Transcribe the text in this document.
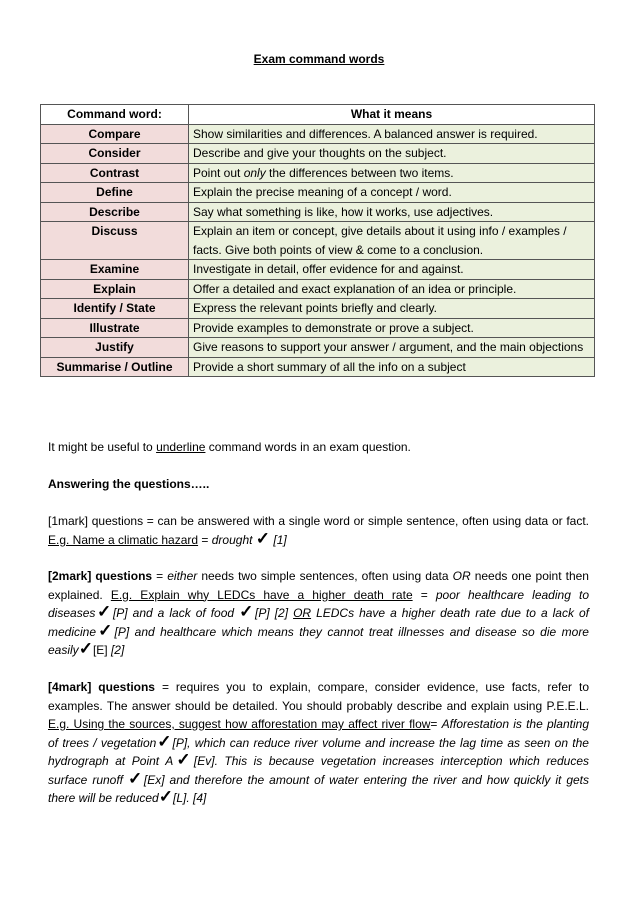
Exam command words
Command word:	What it means
Compare	Show similarities and differences. A balanced answer is required.
Consider	Describe and give your thoughts on the subject.
Contrast	Point out only the differences between two items.
Define	Explain the precise meaning of a concept / word.
Describe	Say what something is like, how it works, use adjectives.
Discuss	Explain an item or concept, give details about it using info / examples / facts. Give both points of view & come to a conclusion.
Examine	Investigate in detail, offer evidence for and against.
Explain	Offer a detailed and exact explanation of an idea or principle.
Identify / State	Express the relevant points briefly and clearly.
Illustrate	Provide examples to demonstrate or prove a subject.
Justify	Give reasons to support your answer / argument, and the main objections
Summarise / Outline	Provide a short summary of all the info on a subject
It might be useful to underline command words in an exam question.
Answering the questions…..
[1mark] questions = can be answered with a single word or simple sentence, often using data or fact. E.g. Name a climatic hazard = drought ✓ [1]
[2mark] questions = either needs two simple sentences, often using data OR needs one point then explained. E.g. Explain why LEDCs have a higher death rate = poor healthcare leading to diseases✓[P] and a lack of food ✓[P] [2] OR LEDCs have a higher death rate due to a lack of medicine✓[P] and healthcare which means they cannot treat illnesses and disease so die more easily✓[E] [2]
[4mark] questions = requires you to explain, compare, consider evidence, use facts, refer to examples. The answer should be detailed. You should probably describe and explain using P.E.E.L. E.g. Using the sources, suggest how afforestation may affect river flow= Afforestation is the planting of trees / vegetation✓[P], which can reduce river volume and increase the lag time as seen on the hydrograph at Point A✓[Ev]. This is because vegetation increases interception which reduces surface runoff ✓[Ex] and therefore the amount of water entering the river and how quickly it gets there will be reduced✓[L]. [4]
